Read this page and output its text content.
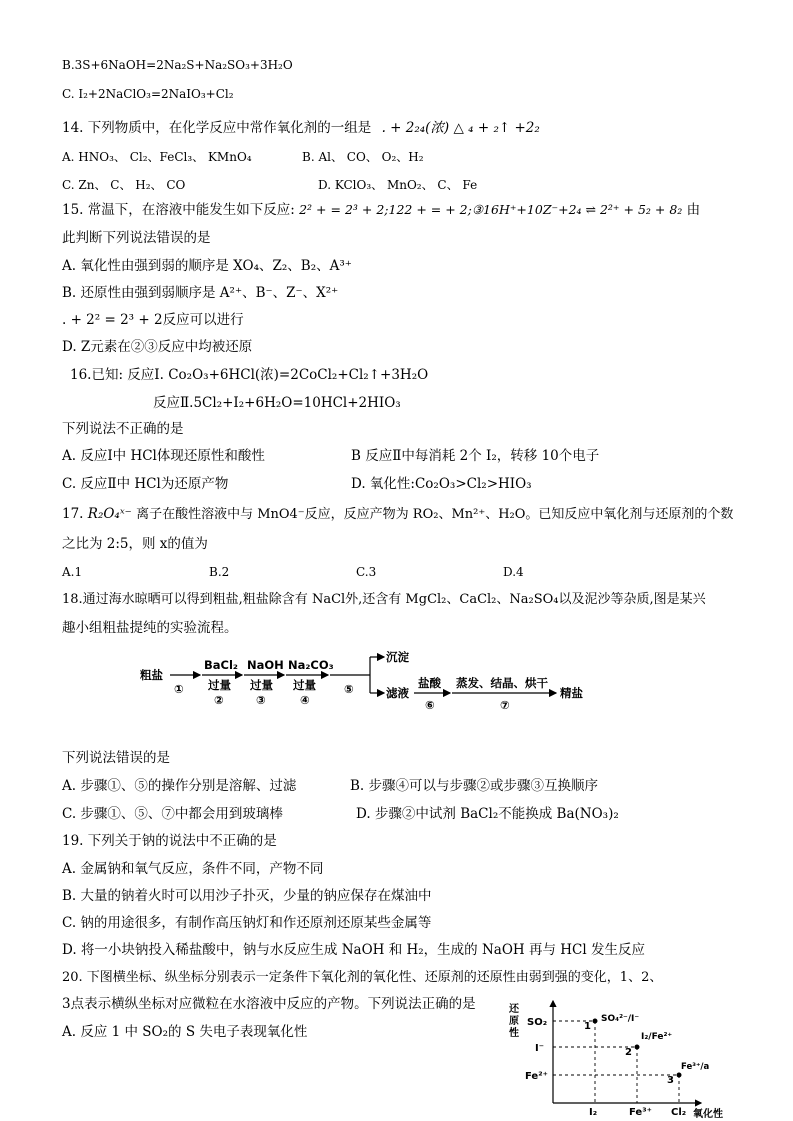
B.3S+6NaOH=2Na₂S+Na₂SO₃+3H₂O
C. I₂+2NaClO₃=2NaIO₃+Cl₂
14. 下列物质中，在化学反应中常作氧化剂的一组是 . + 2₂₄(浓) △ ₄ + ₂↑ +2₂
A. HNO₃、 Cl₂、FeCl₃、 KMnO₄	B. Al、 CO、 O₂、H₂
C. Zn、 C、 H₂、 CO	D. KClO₃、 MnO₂、 C、 Fe
15. 常温下，在溶液中能发生如下反应: 2² + = 2³ + 2;122 + = + 2;③16H⁺+10Z⁻+2₄ ⇌ 2²⁺ + 5₂ + 8₂ 由
此判断下列说法错误的是
A. 氧化性由强到弱的顺序是 XO₄、Z₂、B₂、A³⁺
B. 还原性由强到弱顺序是 A²⁺、B⁻、Z⁻、X²⁺
. + 2² = 2³ + 2反应可以进行
D. Z元素在②③反应中均被还原
16.已知: 反应Ⅰ. Co₂O₃+6HCl(浓)=2CoCl₂+Cl₂↑+3H₂O
反应Ⅱ.5Cl₂+I₂+6H₂O=10HCl+2HIO₃
下列说法不正确的是
A. 反应Ⅰ中 HCl体现还原性和酸性	B 反应Ⅱ中每消耗 2个 I₂，转移 10个电子
C. 反应Ⅱ中 HCl为还原产物	D. 氧化性:Co₂O₃>Cl₂>HIO₃
17. R₂O₄ˣ⁻ 离子在酸性溶液中与 MnO4⁻反应，反应产物为 RO₂、Mn²⁺、H₂O。已知反应中氧化剂与还原剂的个数
之比为 2:5，则 x的值为
A.1	B.2	C.3	D.4
18.通过海水晾晒可以得到粗盐,粗盐除含有 NaCl外,还含有 MgCl₂、CaCl₂、Na₂SO₄以及泥沙等杂质,图是某兴
趣小组粗盐提纯的实验流程。
粗盐
①
BaCl₂
过量
②
NaOH
过量
③
Na₂CO₃
过量
④
⑤
沉淀
滤液
盐酸
⑥
蒸发、结晶、烘干
⑦
精盐
下列说法错误的是
A. 步骤①、⑤的操作分别是溶解、过滤	B. 步骤④可以与步骤②或步骤③互换顺序
C. 步骤①、⑤、⑦中都会用到玻璃棒	D. 步骤②中试剂 BaCl₂不能换成 Ba(NO₃)₂
19. 下列关于钠的说法中不正确的是
A. 金属钠和氧气反应，条件不同，产物不同
B. 大量的钠着火时可以用沙子扑灭，少量的钠应保存在煤油中
C. 钠的用途很多，有制作高压钠灯和作还原剂还原某些金属等
D. 将一小块钠投入稀盐酸中，钠与水反应生成 NaOH 和 H₂，生成的 NaOH 再与 HCl 发生反应
20. 下图横坐标、纵坐标分别表示一定条件下氧化剂的氧化性、还原剂的还原性由弱到强的变化，1、2、
3点表示横纵坐标对应微粒在水溶液中反应的产物。下列说法正确的是
A. 反应 1 中 SO₂的 S 失电子表现氧化性
还
原
性
SO₂
I⁻
Fe²⁺
I₂	Fe³⁺ Cl₂ 氧化性
1
SO₄²⁻/I⁻
2
I₂/Fe²⁺
3
Fe³⁺/a
